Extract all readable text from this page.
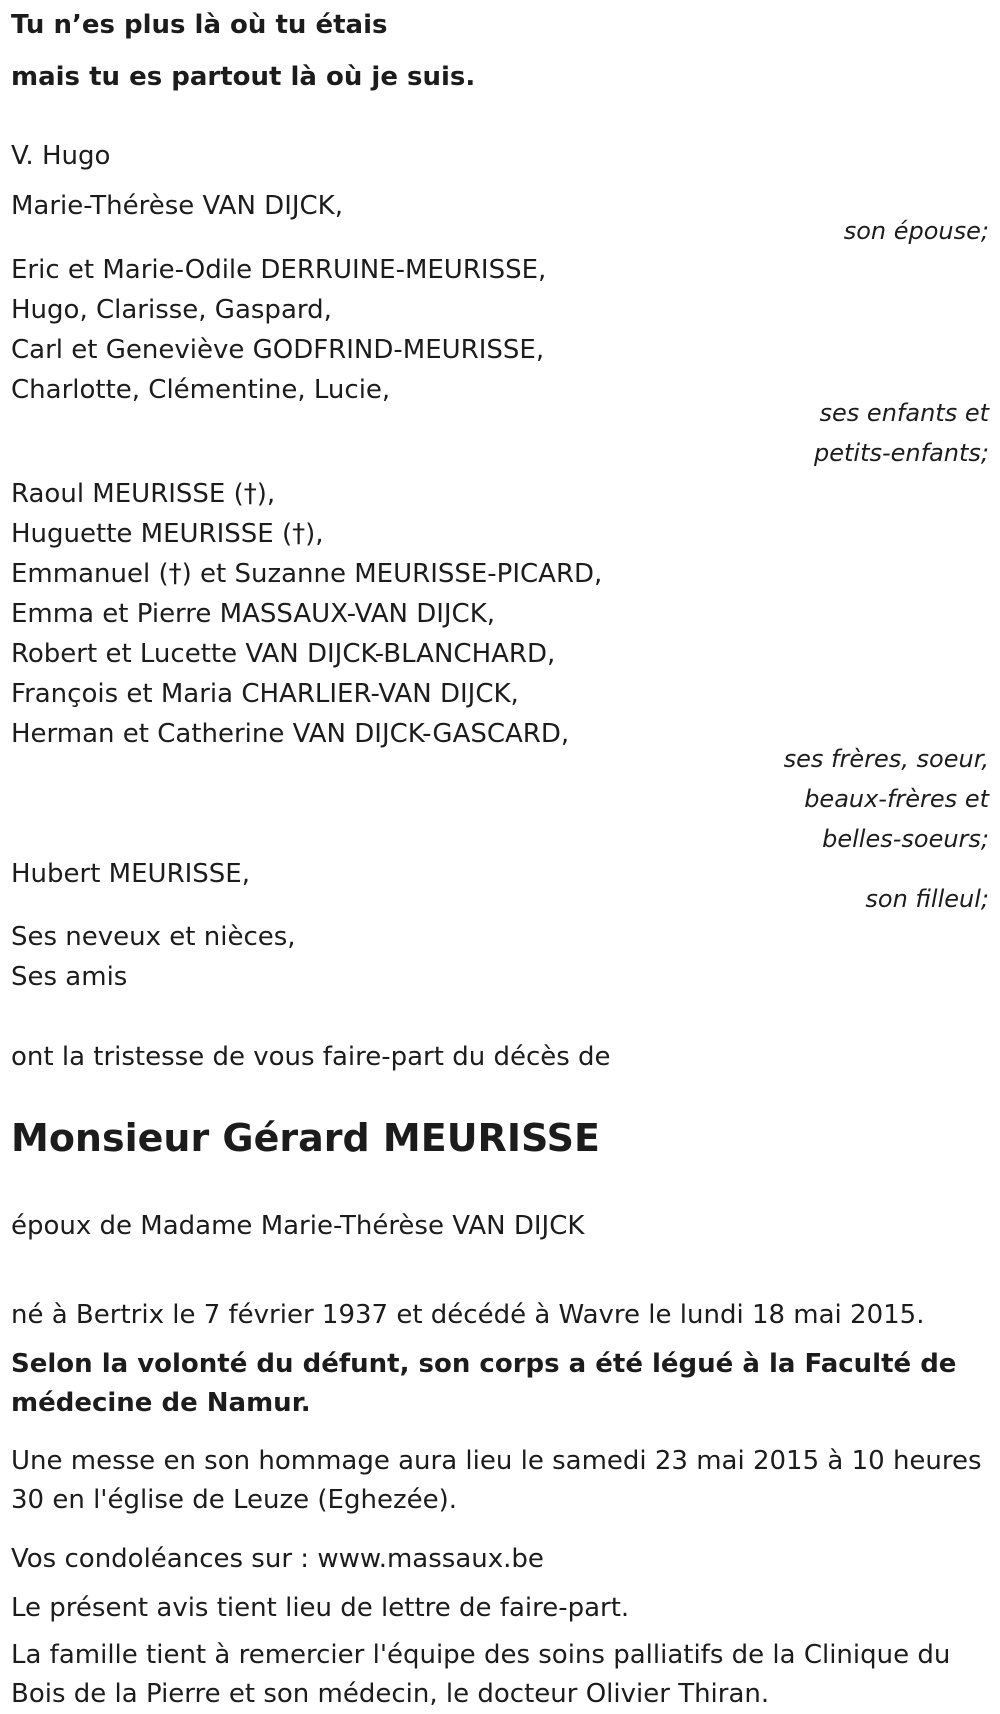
Tu n’es plus là où tu étais
mais tu es partout là où je suis.
V. Hugo
Marie-Thérèse VAN DIJCK,
son épouse;
Eric et Marie-Odile DERRUINE-MEURISSE,
Hugo, Clarisse, Gaspard,
Carl et Geneviève GODFRIND-MEURISSE,
Charlotte, Clémentine, Lucie,
ses enfants et
petits-enfants;
Raoul MEURISSE (†),
Huguette MEURISSE (†),
Emmanuel (†) et Suzanne MEURISSE-PICARD,
Emma et Pierre MASSAUX-VAN DIJCK,
Robert et Lucette VAN DIJCK-BLANCHARD,
François et Maria CHARLIER-VAN DIJCK,
Herman et Catherine VAN DIJCK-GASCARD,
ses frères, soeur,
beaux-frères et
belles-soeurs;
Hubert MEURISSE,
son filleul;
Ses neveux et nièces,
Ses amis
ont la tristesse de vous faire-part du décès de
Monsieur Gérard MEURISSE
époux de Madame Marie-Thérèse VAN DIJCK
né à Bertrix le 7 février 1937 et décédé à Wavre le lundi 18 mai 2015.
Selon la volonté du défunt, son corps a été légué à la Faculté de médecine de Namur.
Une messe en son hommage aura lieu le samedi 23 mai 2015 à 10 heures 30 en l'église de Leuze (Eghezée).
Vos condoléances sur : www.massaux.be
Le présent avis tient lieu de lettre de faire-part.
La famille tient à remercier l'équipe des soins palliatifs de la Clinique du Bois de la Pierre et son médecin, le docteur Olivier Thiran.
